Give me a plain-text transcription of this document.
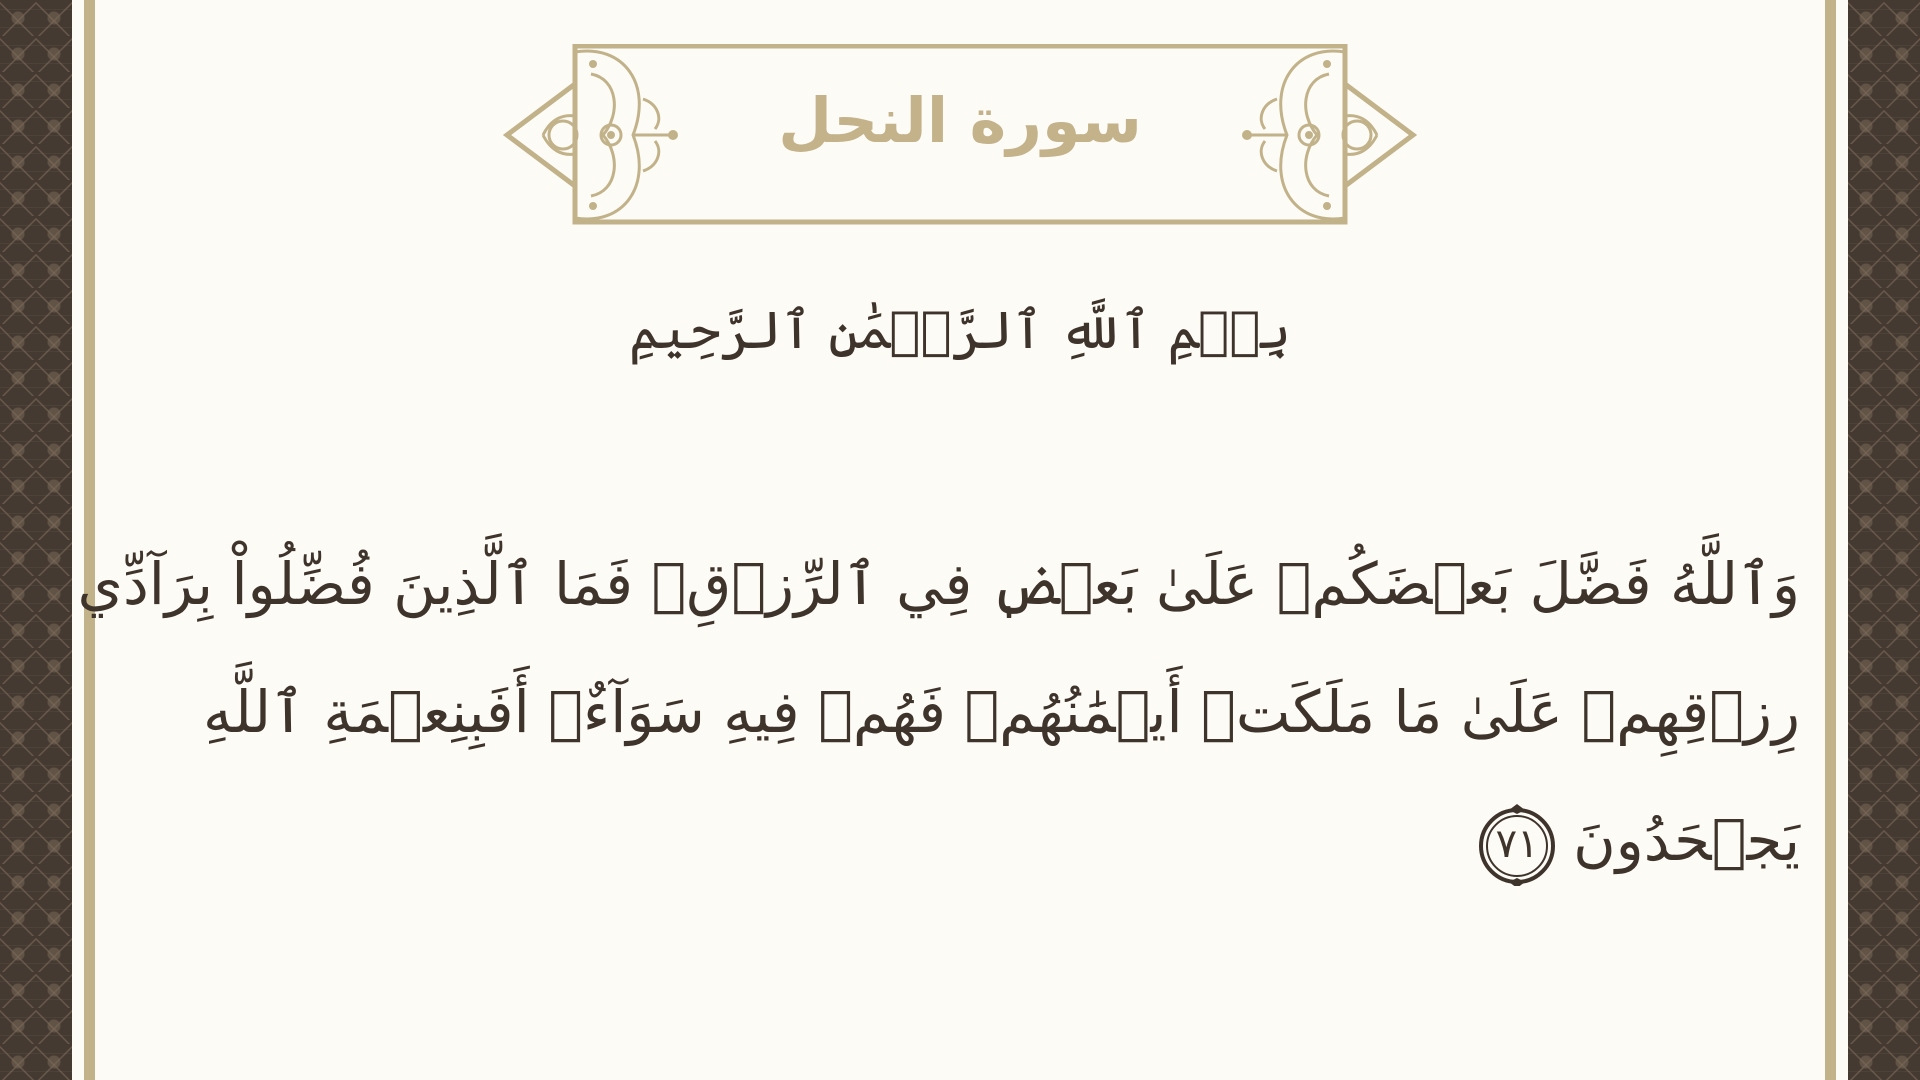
سورة النحل
بِسۡمِ ٱللَّهِ ٱلرَّحۡمَٰنِ ٱلرَّحِيمِ
وَٱللَّهُ فَضَّلَ بَعۡضَكُمۡ عَلَىٰ بَعۡضٖ فِي ٱلرِّزۡقِۚ فَمَا ٱلَّذِينَ فُضِّلُواْ بِرَآدِّي
رِزۡقِهِمۡ عَلَىٰ مَا مَلَكَتۡ أَيۡمَٰنُهُمۡ فَهُمۡ فِيهِ سَوَآءٌۚ أَفَبِنِعۡمَةِ ٱللَّهِ
يَجۡحَدُونَ
٧١
